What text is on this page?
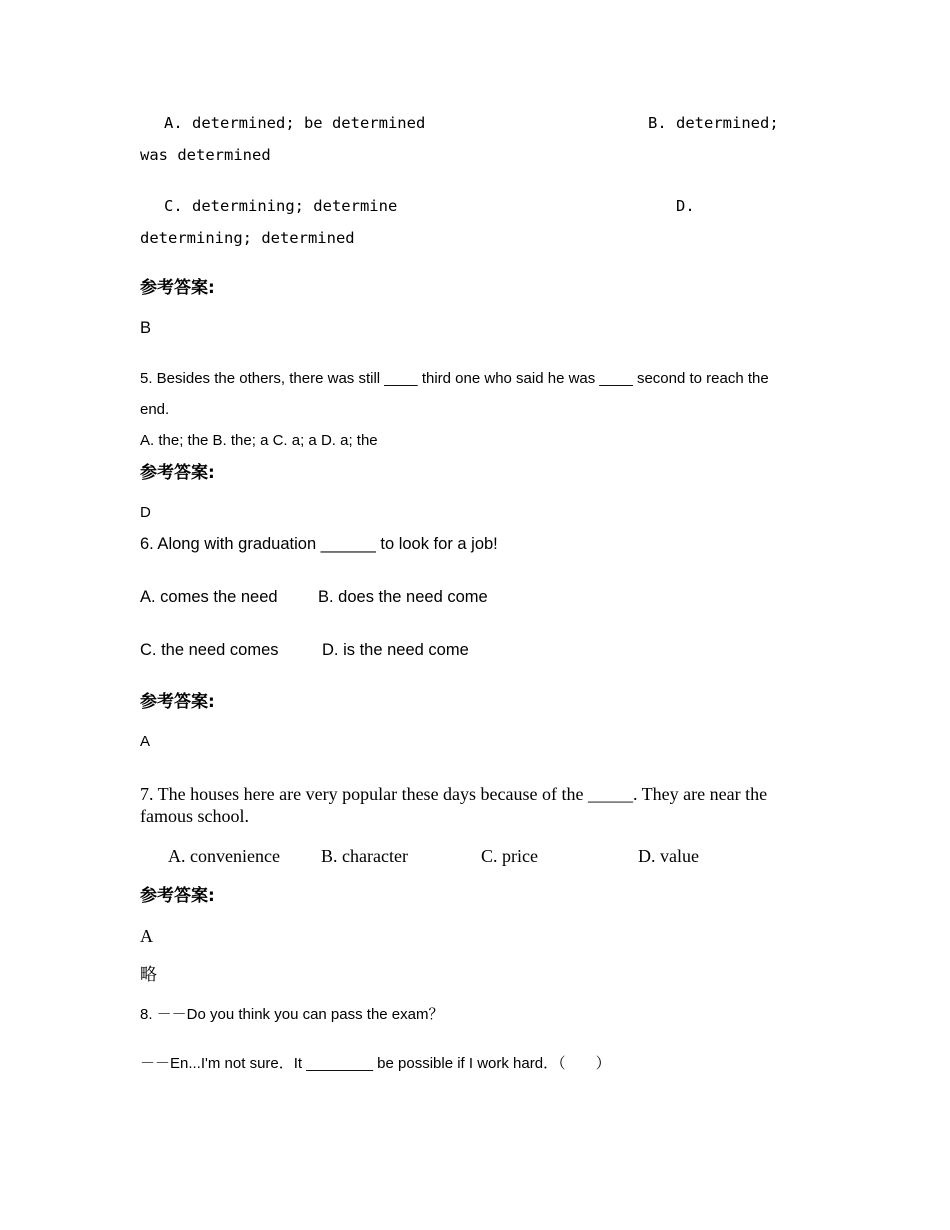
A. determined; be determined	B. determined;
was determined
C. determining; determine	D.
determining; determined
参考答案:
B
5. Besides the others, there was still ____ third one who said he was ____ second to reach the
end.
A. the; the B. the; a C. a; a D. a; the
参考答案:
D
6. Along with graduation ______ to look for a job!
A. comes the need B. does the need come
C. the need comes	D. is the need come
参考答案:
A
7. The houses here are very popular these days because of the _____. They are near the
famous school.
A. convenience B. character	C. price	D. value
参考答案:
A
略
8. －－Do you think you can pass the exam？
－－En...I'm not sure．It ________ be possible if I work hard．（　　）
